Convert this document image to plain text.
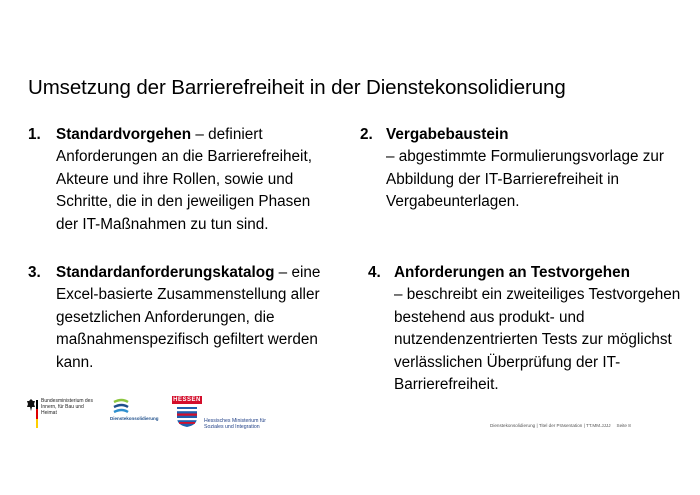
Umsetzung der Barrierefreiheit in der Dienstekonsolidierung
1. Standardvorgehen – definiert Anforderungen an die Barrierefreiheit, Akteure und ihre Rollen, sowie und Schritte, die in den jeweiligen Phasen der IT-Maßnahmen zu tun sind.
2. Vergabebaustein
– abgestimmte Formulierungsvorlage zur Abbildung der IT-Barrierefreiheit in Vergabeunterlagen.
3. Standardanforderungskatalog – eine Excel-basierte Zusammenstellung aller gesetzlichen Anforderungen, die maßnahmenspezifisch gefiltert werden kann.
4. Anforderungen an Testvorgehen
– beschreibt ein zweiteiliges Testvorgehen bestehend aus produkt- und nutzendenzentrierten Tests zur möglichst verlässlichen Überprüfung der IT-Barrierefreiheit.
Bundesministerium des Innern, für Bau und Heimat
Dienstekonsolidierung
HESSEN
Hessisches Ministerium für Soziales und Integration	Dienstekonsolidierung | Titel der Präsentation | TT.MM.JJJJ Seite 8
